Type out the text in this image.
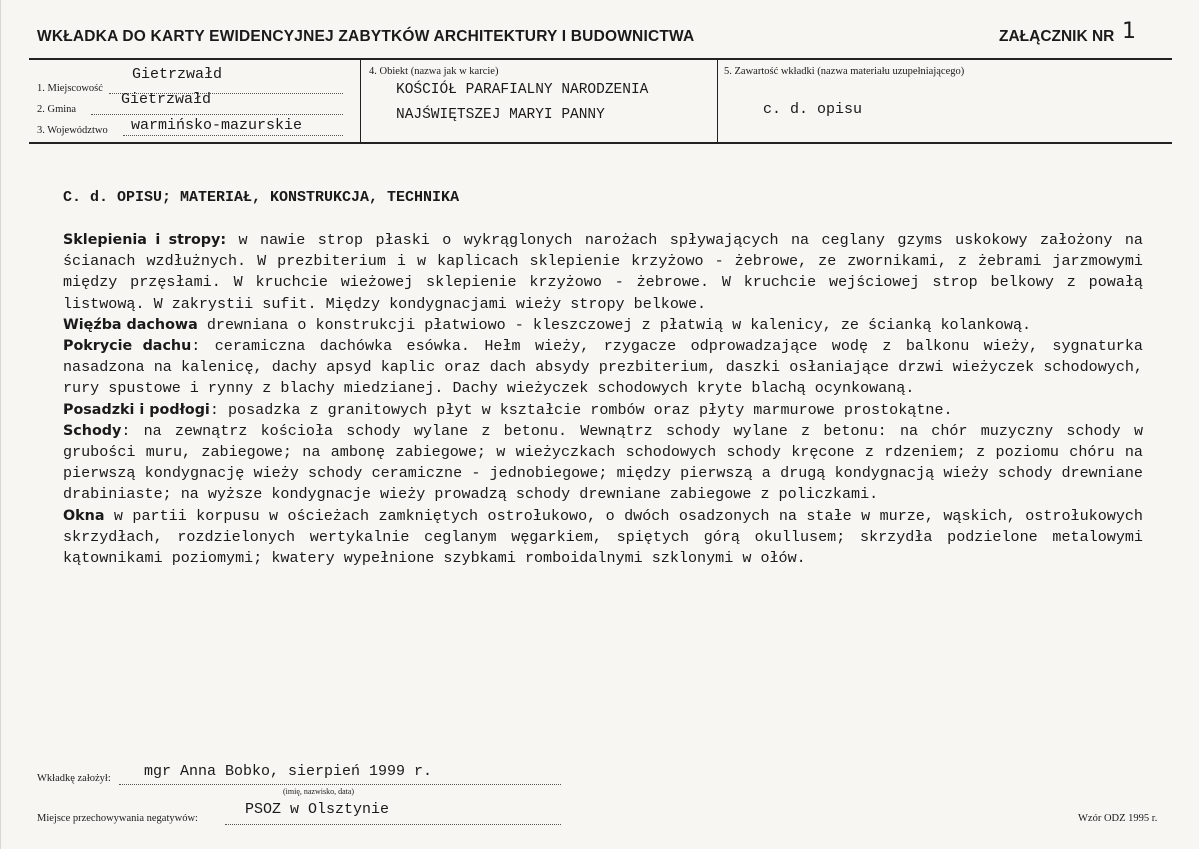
WKŁADKA DO KARTY EWIDENCYJNEJ ZABYTKÓW ARCHITEKTURY I BUDOWNICTWA	ZAŁĄCZNIK NR 1
1. Miejscowość
Gietrzwałd
2. Gmina
Gietrzwałd
3. Województwo warmińsko-mazurskie
4. Obiekt (nazwa jak w karcie)
KOŚCIÓŁ PARAFIALNY NARODZENIA
NAJŚWIĘTSZEJ MARYI PANNY
5. Zawartość wkładki (nazwa materiału uzupełniającego)
c. d. opisu
C. d. OPISU; MATERIAŁ, KONSTRUKCJA, TECHNIKA

Sklepienia i stropy: w nawie strop płaski o wykrąglonych narożach spływających na ceglany gzyms uskokowy założony na ścianach wzdłużnych. W prezbiterium i w kaplicach sklepienie krzyżowo - żebrowe, ze zwornikami, z żebrami jarzmowymi między przęsłami. W kruchcie wieżowej sklepienie krzyżowo - żebrowe. W kruchcie wejściowej strop belkowy z powałą listwową. W zakrystii sufit. Między kondygnacjami wieży stropy belkowe.

Więźba dachowa drewniana o konstrukcji płatwiowo - kleszczowej z płatwią w kalenicy, ze ścianką kolankową.

Pokrycie dachu: ceramiczna dachówka esówka. Hełm wieży, rzygacze odprowadzające wodę z balkonu wieży, sygnaturka nasadzona na kalenicę, dachy apsyd kaplic oraz dach absydy prezbiterium, daszki osłaniające drzwi wieżyczek schodowych, rury spustowe i rynny z blachy miedzianej. Dachy wieżyczek schodowych kryte blachą ocynkowaną.

Posadzki i podłogi: posadzka z granitowych płyt w kształcie rombów oraz płyty marmurowe prostokątne.

Schody: na zewnątrz kościoła schody wylane z betonu. Wewnątrz schody wylane z betonu: na chór muzyczny schody w grubości muru, zabiegowe; na ambonę zabiegowe; w wieżyczkach schodowych schody kręcone z rdzeniem; z poziomu chóru na pierwszą kondygnację wieży schody ceramiczne - jednobiegowe; między pierwszą a drugą kondygnacją wieży schody drewniane drabiniaste; na wyższe kondygnacje wieży prowadzą schody drewniane zabiegowe z policzkami.

Okna w partii korpusu w ościeżach zamkniętych ostrołukowo, o dwóch osadzonych na stałe w murze, wąskich, ostrołukowych skrzydłach, rozdzielonych wertykalnie ceglanym węgarkiem, spiętych górą okullusem; skrzydła podzielone metalowymi kątownikami poziomymi; kwatery wypełnione szybkami romboidalnymi szklonymi w ołów.

Wkładkę założył: mgr Anna Bobko, sierpień 1999 r.
(imię, nazwisko, data)
Miejsce przechowywania negatywów:
PSOZ w Olsztynie
Wzór ODZ 1995 r.
